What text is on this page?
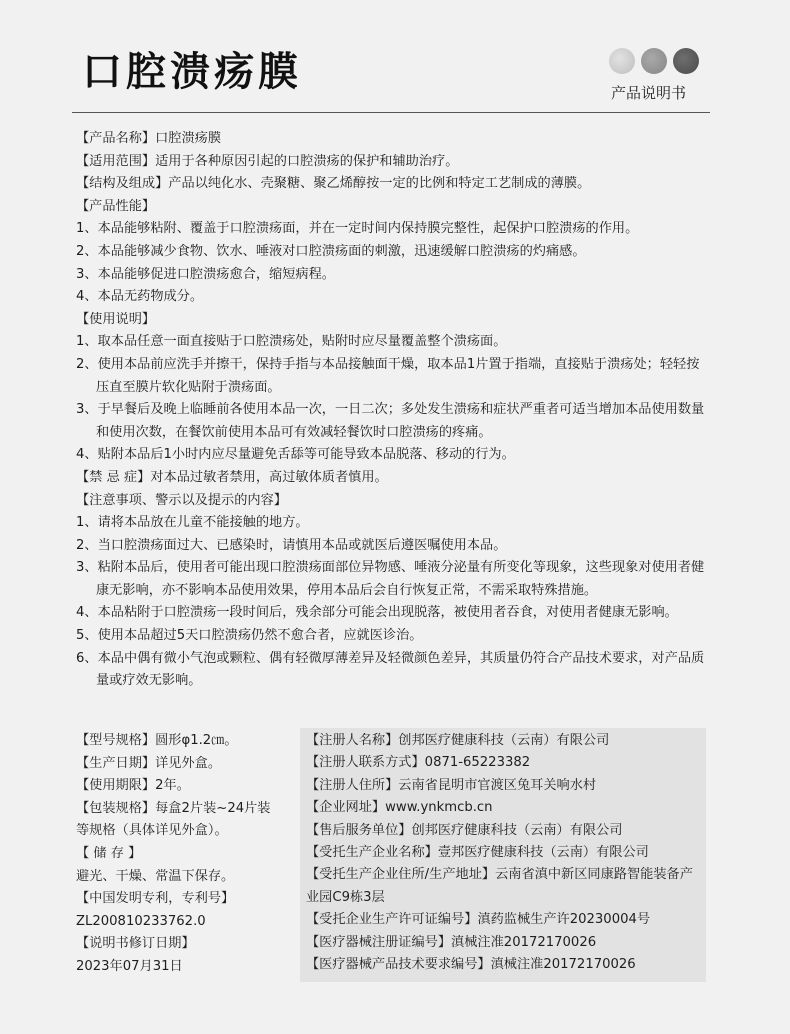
口腔溃疡膜	产品说明书
【产品名称】口腔溃疡膜
【适用范围】适用于各种原因引起的口腔溃疡的保护和辅助治疗。
【结构及组成】产品以纯化水、壳聚糖、聚乙烯醇按一定的比例和特定工艺制成的薄膜。
【产品性能】
1、本品能够粘附、覆盖于口腔溃疡面，并在一定时间内保持膜完整性，起保护口腔溃疡的作用。
2、本品能够减少食物、饮水、唾液对口腔溃疡面的刺激，迅速缓解口腔溃疡的灼痛感。
3、本品能够促进口腔溃疡愈合，缩短病程。
4、本品无药物成分。
【使用说明】
1、取本品任意一面直接贴于口腔溃疡处，贴附时应尽量覆盖整个溃疡面。
2、使用本品前应洗手并擦干，保持手指与本品接触面干燥，取本品1片置于指端，直接贴于溃疡处；轻轻按压直至膜片软化贴附于溃疡面。
3、于早餐后及晚上临睡前各使用本品一次，一日二次；多处发生溃疡和症状严重者可适当增加本品使用数量和使用次数，在餐饮前使用本品可有效减轻餐饮时口腔溃疡的疼痛。
4、贴附本品后1小时内应尽量避免舌舔等可能导致本品脱落、移动的行为。
【禁 忌 症】对本品过敏者禁用，高过敏体质者慎用。
【注意事项、警示以及提示的内容】
1、请将本品放在儿童不能接触的地方。
2、当口腔溃疡面过大、已感染时，请慎用本品或就医后遵医嘱使用本品。
3、粘附本品后，使用者可能出现口腔溃疡面部位异物感、唾液分泌量有所变化等现象，这些现象对使用者健康无影响，亦不影响本品使用效果，停用本品后会自行恢复正常，不需采取特殊措施。
4、本品粘附于口腔溃疡一段时间后，残余部分可能会出现脱落，被使用者吞食，对使用者健康无影响。
5、使用本品超过5天口腔溃疡仍然不愈合者，应就医诊治。
6、本品中偶有微小气泡或颗粒、偶有轻微厚薄差异及轻微颜色差异，其质量仍符合产品技术要求，对产品质量或疗效无影响。
【型号规格】圆形φ1.2㎝。
【生产日期】详见外盒。
【使用期限】2年。
【包装规格】每盒2片装~24片装
等规格（具体详见外盒）。
【 储 存 】
避光、干燥、常温下保存。
【中国发明专利，专利号】
ZL200810233762.0
【说明书修订日期】
2023年07月31日
【注册人名称】创邦医疗健康科技（云南）有限公司
【注册人联系方式】0871-65223382
【注册人住所】云南省昆明市官渡区兔耳关响水村
【企业网址】www.ynkmcb.cn
【售后服务单位】创邦医疗健康科技（云南）有限公司
【受托生产企业名称】壹邦医疗健康科技（云南）有限公司
【受托生产企业住所/生产地址】云南省滇中新区同康路智能装备产业园C9栋3层
【受托企业生产许可证编号】滇药监械生产许20230004号
【医疗器械注册证编号】滇械注准20172170026
【医疗器械产品技术要求编号】滇械注准20172170026
